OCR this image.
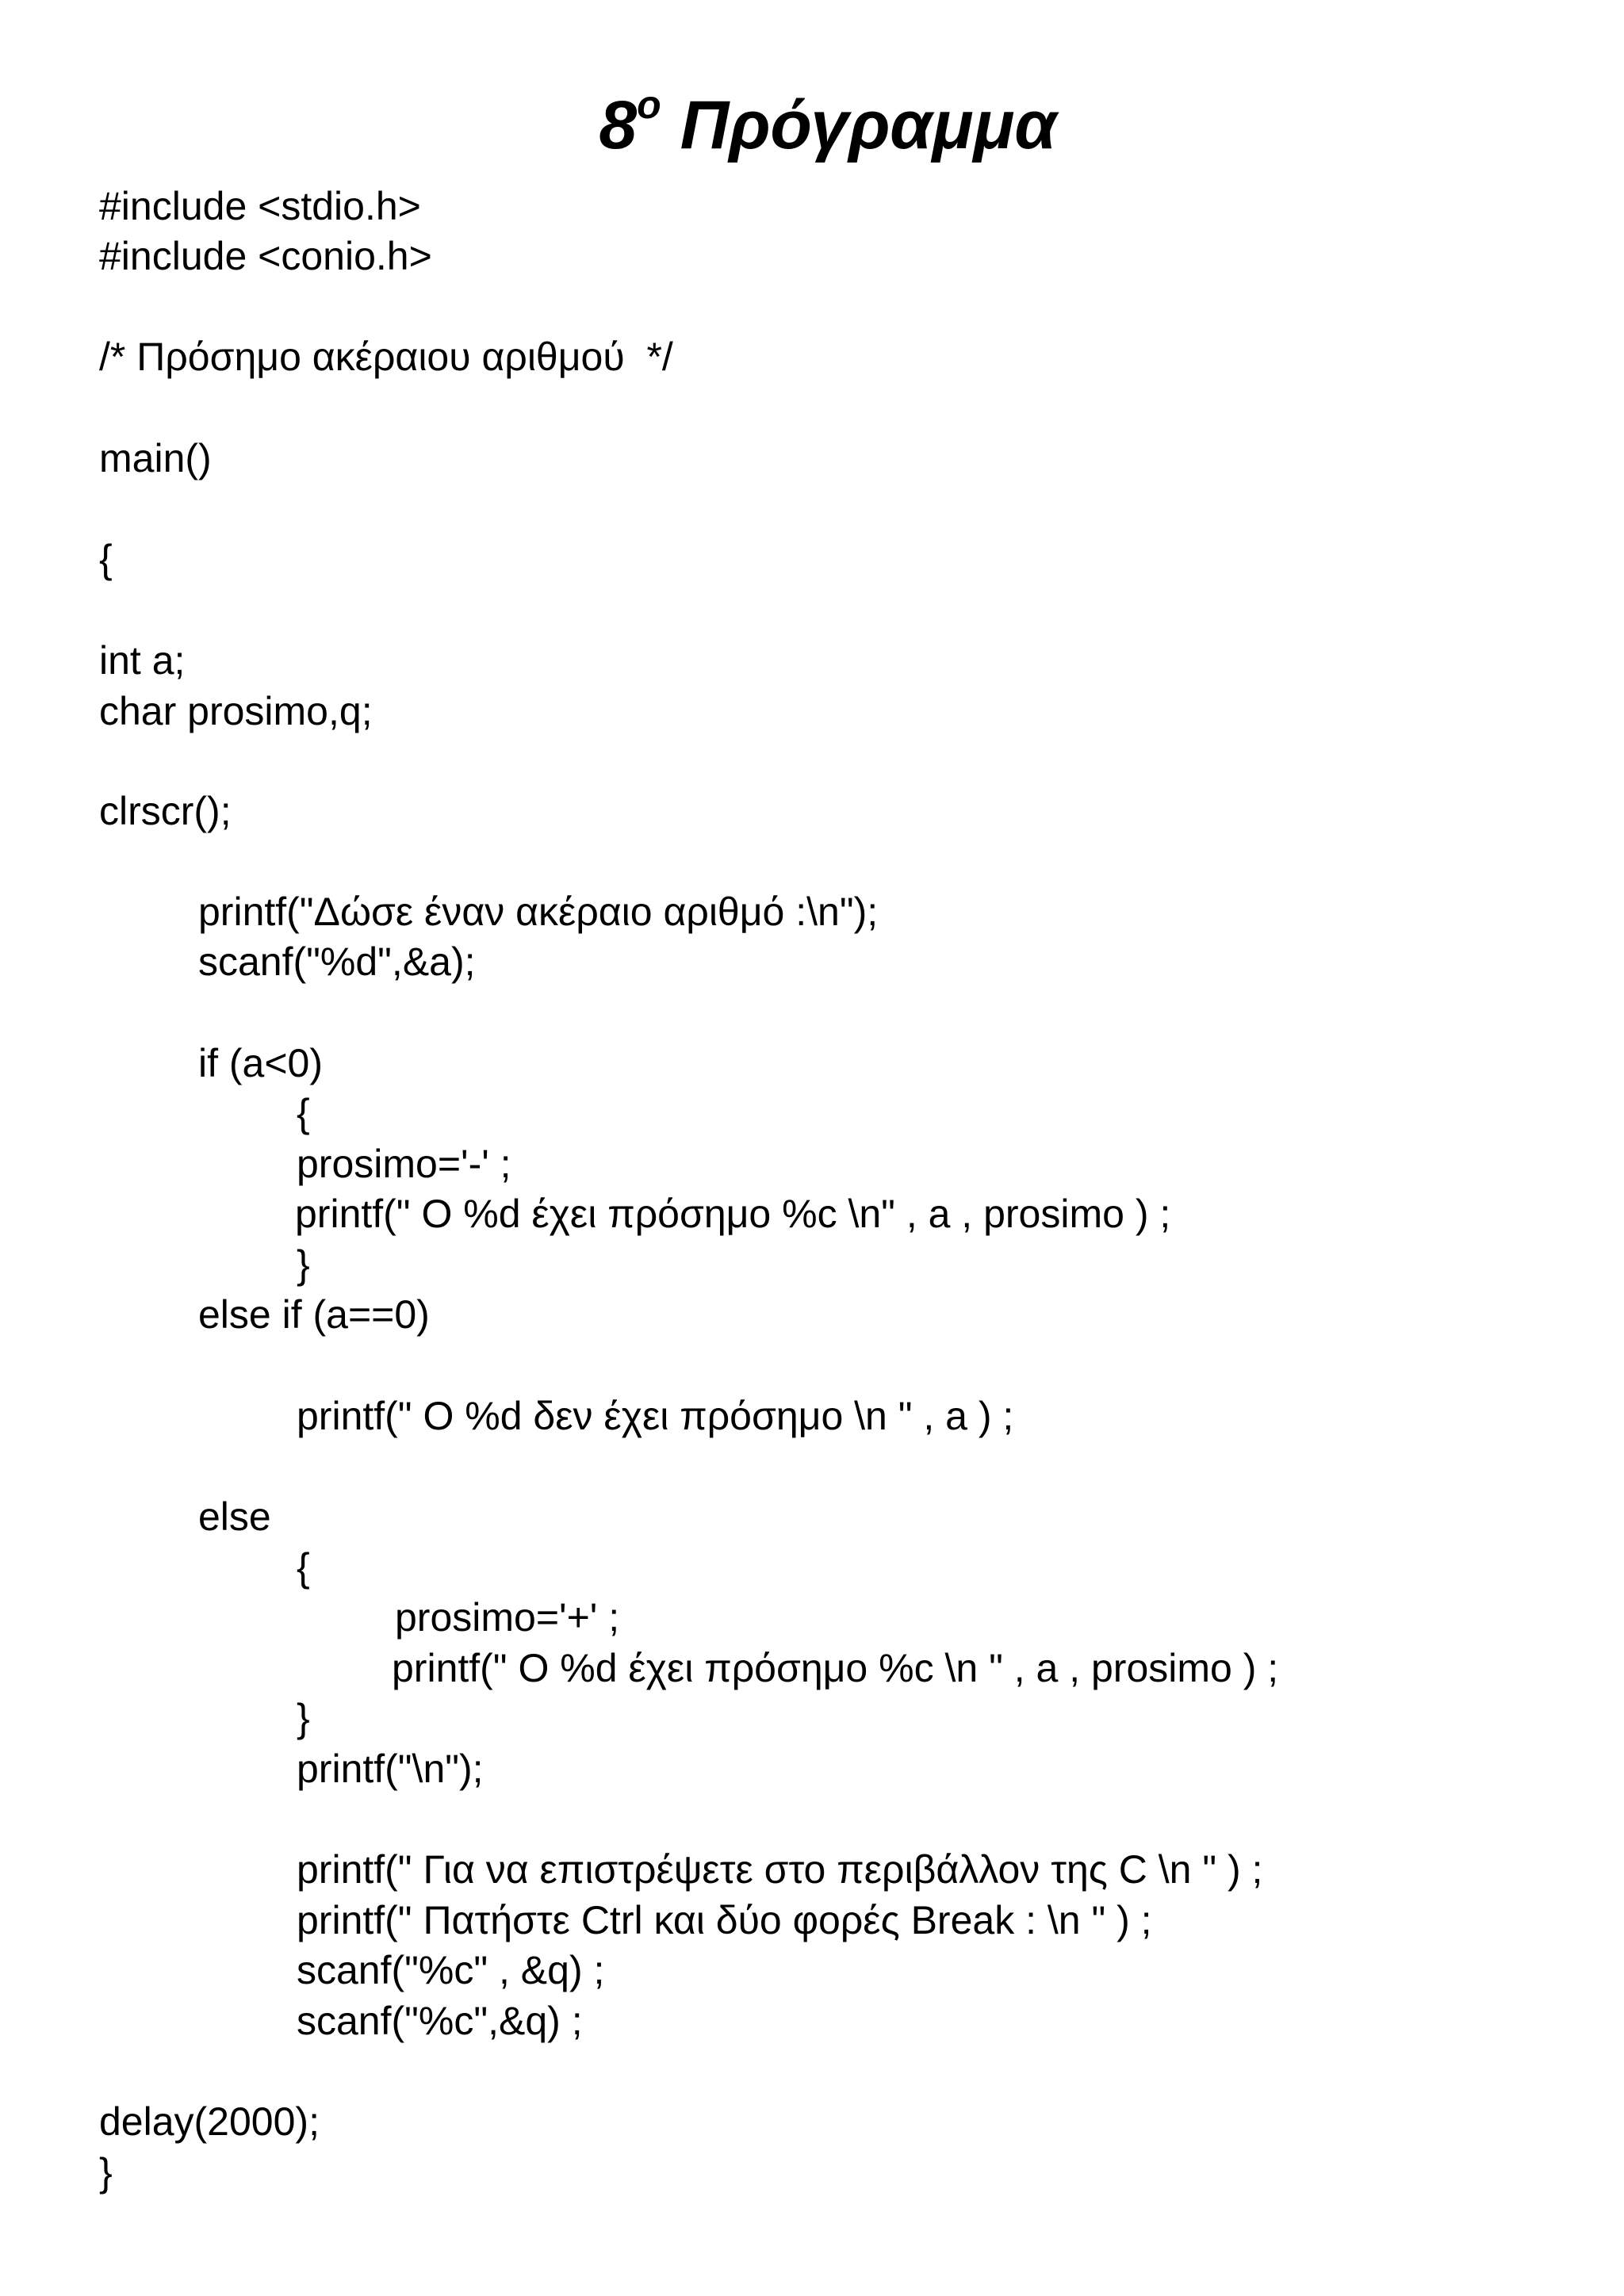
$8^o$ Πρόγραμμα

#include <stdio.h>

#include <conio.h>

/* Πρόσημο ακέραιου αριθμού  */

main()

{

int a;

char prosimo,q;

clrscr();

printf("Δώσε έναν ακέραιο αριθμό :\n");

scanf("%d",&a);

if (a<0)

{

prosimo='-' ;

printf(" O %d έχει πρόσημο %c \n" , a , prosimo ) ;

}

else if (a==0)

printf(" O %d δεν έχει πρόσημο \n " , a ) ;

else

{

prosimo='+' ;

printf(" O %d έχει πρόσημο %c \n " , a , prosimo ) ;

}

printf("\n");

printf(" Για να επιστρέψετε στο περιβάλλον της C \n " ) ;

printf(" Πατήστε Ctrl και δύο φορές Break : \n " ) ;

scanf("%c" , &q) ;

scanf("%c",&q) ;

delay(2000);

}
